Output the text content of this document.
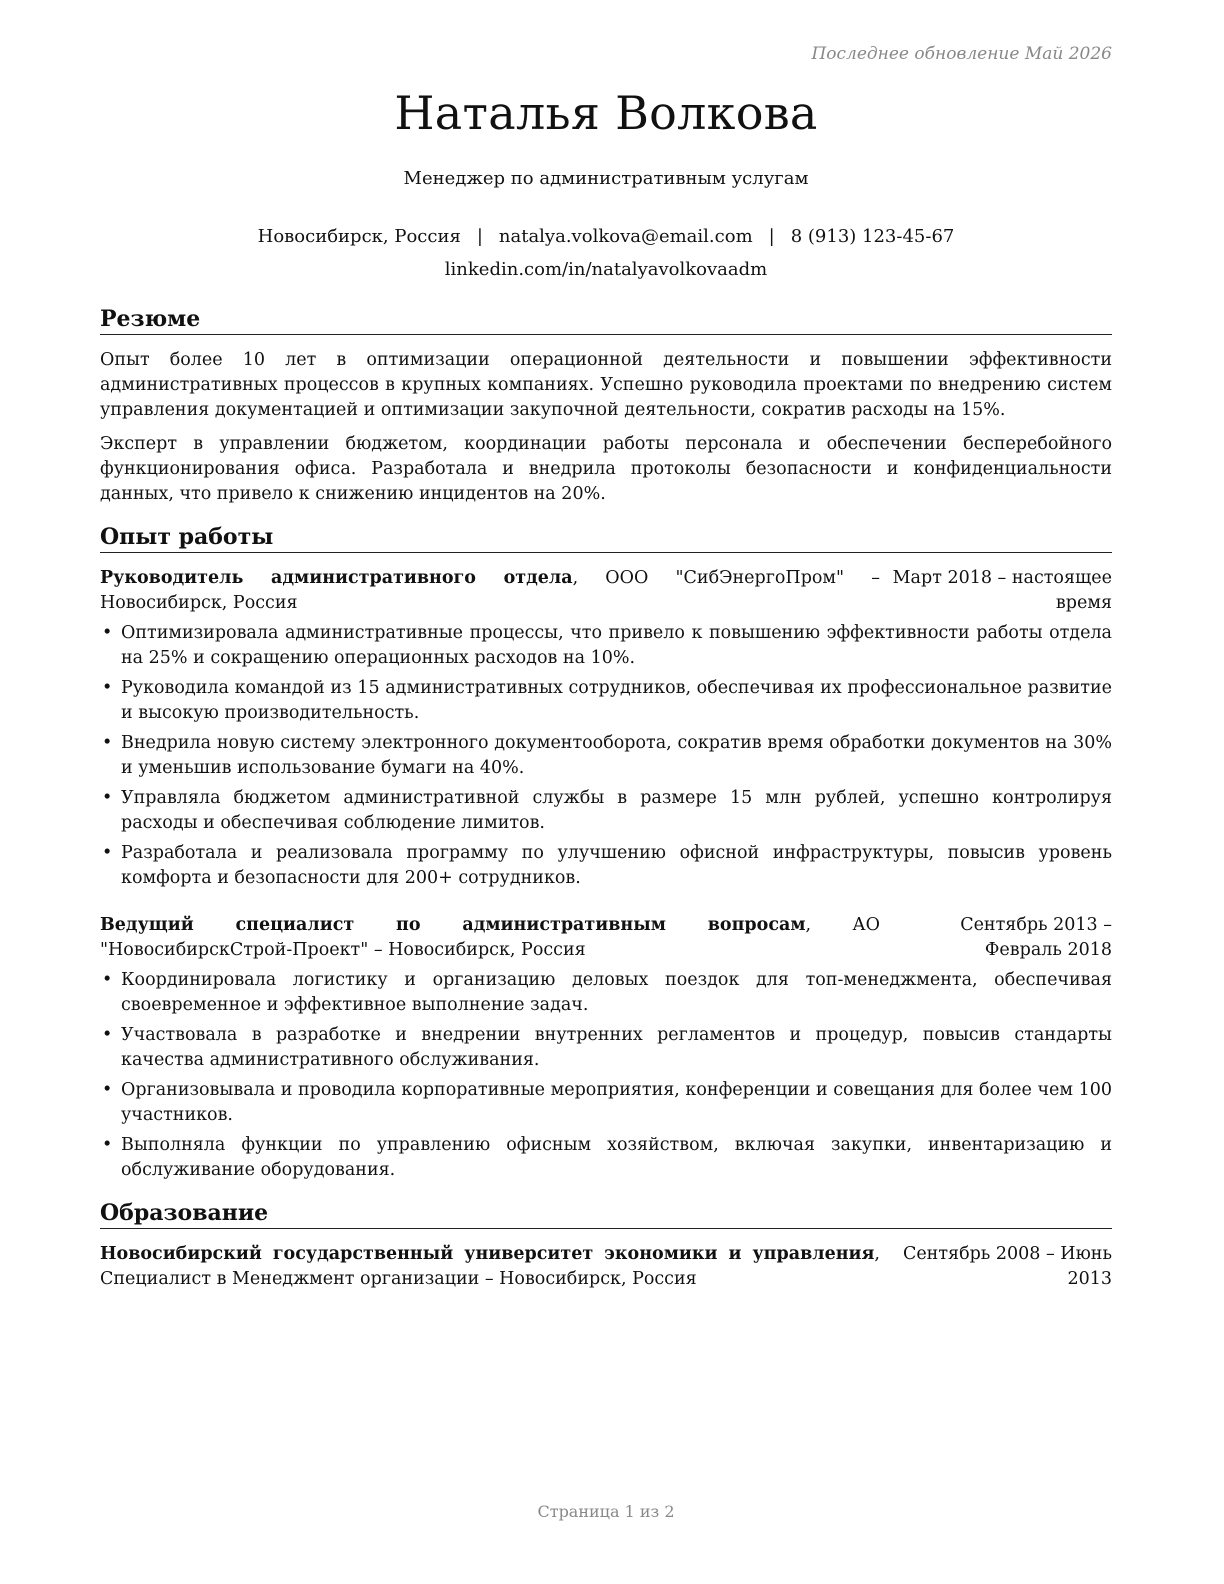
Последнее обновление Май 2026
Наталья Волкова
Менеджер по административным услугам
Новосибирск, Россия | natalya.volkova@email.com | 8 (913) 123-45-67
linkedin.com/in/natalyavolkovaadm
Резюме
Опыт более 10 лет в оптимизации операционной деятельности и повышении эффективности административных процессов в крупных компаниях. Успешно руководила проектами по внедрению систем управления документацией и оптимизации закупочной деятельности, сократив расходы на 15%.
Эксперт в управлении бюджетом, координации работы персонала и обеспечении бесперебойного функционирования офиса. Разработала и внедрила протоколы безопасности и конфиденциальности данных, что привело к снижению инцидентов на 20%.
Опыт работы
Руководитель административного отдела, ООО "СибЭнергоПром" – Новосибирск, Россия
Март 2018 – настоящее время
• Оптимизировала административные процессы, что привело к повышению эффективности работы отдела на 25% и сокращению операционных расходов на 10%.
• Руководила командой из 15 административных сотрудников, обеспечивая их профессиональное развитие и высокую производительность.
• Внедрила новую систему электронного документооборота, сократив время обработки документов на 30% и уменьшив использование бумаги на 40%.
• Управляла бюджетом административной службы в размере 15 млн рублей, успешно контролируя расходы и обеспечивая соблюдение лимитов.
• Разработала и реализовала программу по улучшению офисной инфраструктуры, повысив уровень комфорта и безопасности для 200+ сотрудников.
Ведущий специалист по административным вопросам, АО "НовосибирскСтрой-Проект" – Новосибирск, Россия
Сентябрь 2013 – Февраль 2018
• Координировала логистику и организацию деловых поездок для топ-менеджмента, обеспечивая своевременное и эффективное выполнение задач.
• Участвовала в разработке и внедрении внутренних регламентов и процедур, повысив стандарты качества административного обслуживания.
• Организовывала и проводила корпоративные мероприятия, конференции и совещания для более чем 100 участников.
• Выполняла функции по управлению офисным хозяйством, включая закупки, инвентаризацию и обслуживание оборудования.
Образование
Новосибирский государственный университет экономики и управления, Специалист в Менеджмент организации – Новосибирск, Россия
Сентябрь 2008 – Июнь 2013
Страница 1 из 2
